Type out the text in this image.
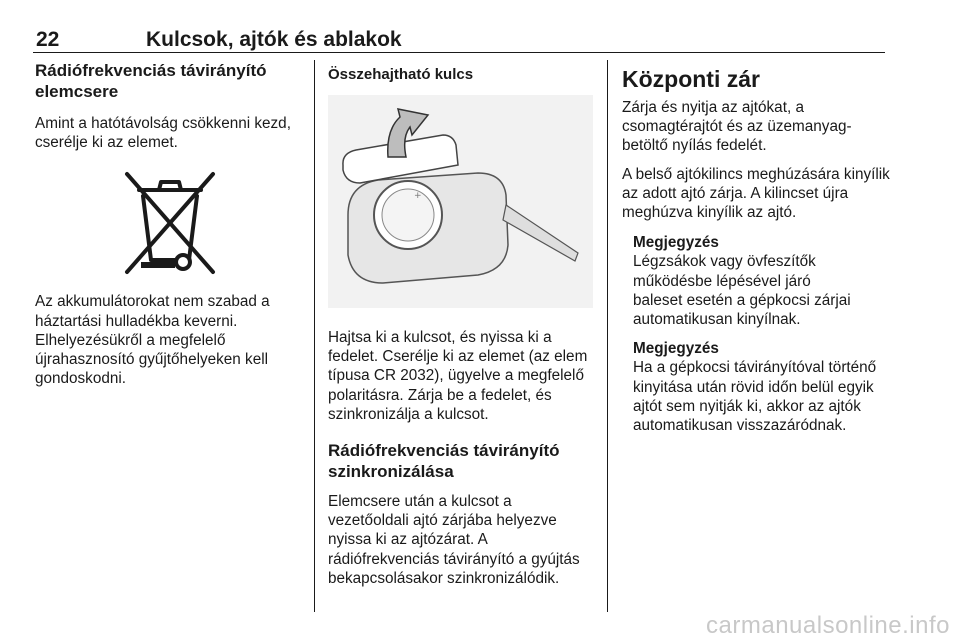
22	Kulcsok, ajtók és ablakok
Rádiófrekvenciás távirányító elemcsere

Amint a hatótávolság csökkenni kezd, cserélje ki az elemet.

Az akkumulátorokat nem szabad a háztartási hulladékba keverni. Elhelyezésükről a megfelelő újrahasznosító gyűjtőhelyeken kell gondoskodni.

Összehajtható kulcs
+

Hajtsa ki a kulcsot, és nyissa ki a fedelet. Cserélje ki az elemet (az elem típusa CR 2032), ügyelve a megfelelő polaritásra. Zárja be a fedelet, és szinkronizálja a kulcsot.

Rádiófrekvenciás távirányító szinkronizálása

Elemcsere után a kulcsot a vezetőoldali ajtó zárjába helyezve nyissa ki az ajtózárat. A rádiófrekvenciás távirányító a gyújtás bekapcsolásakor szinkronizálódik.

Központi zár

Zárja és nyitja az ajtókat, a csomagtérajtót és az üzemanyag-betöltő nyílás fedelét.

A belső ajtókilincs meghúzására kinyílik az adott ajtó zárja. A kilincset újra meghúzva kinyílik az ajtó.

Megjegyzés

Légzsákok vagy övfeszítők működésbe lépésével járó baleset esetén a gépkocsi zárjai automatikusan kinyílnak.

Megjegyzés

Ha a gépkocsi távirányítóval történő kinyitása után rövid időn belül egyik ajtót sem nyitják ki, akkor az ajtók automatikusan visszazáródnak.

carmanualsonline.info
